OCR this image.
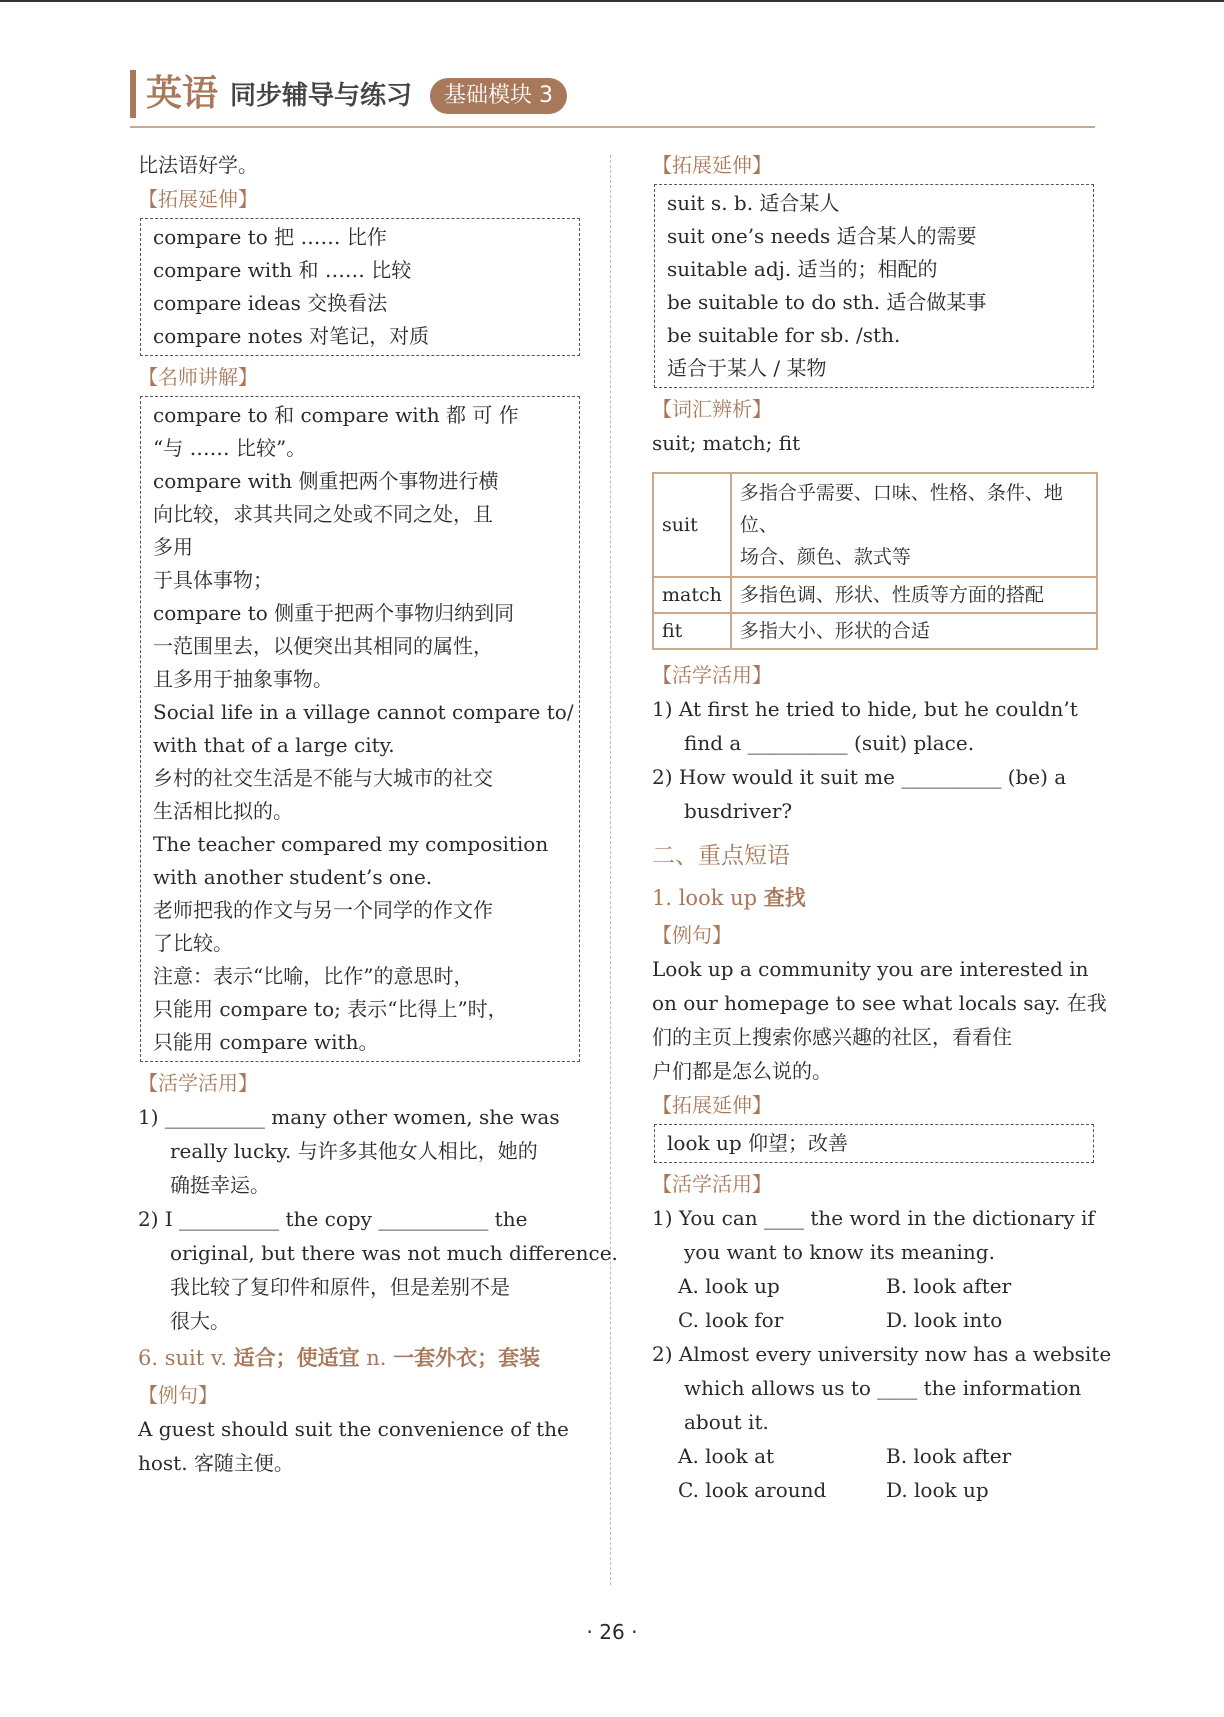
英语 同步辅导与练习	基础模块 3
比法语好学。
【拓展延伸】
compare to 把 …… 比作
compare with 和 …… 比较
compare ideas 交换看法
compare notes 对笔记，对质
【名师讲解】
compare to 和 compare with 都 可 作
“与 …… 比较”。
compare with 侧重把两个事物进行横
向比较，求其共同之处或不同之处，且
多用
于具体事物；
compare to 侧重于把两个事物归纳到同
一范围里去，以便突出其相同的属性，
且多用于抽象事物。
Social life in a village cannot compare to/
with that of a large city.
乡村的社交生活是不能与大城市的社交
生活相比拟的。
The teacher compared my composition
with another student’s one.
老师把我的作文与另一个同学的作文作
了比较。
注意：表示“比喻，比作”的意思时，
只能用 compare to; 表示“比得上”时，
只能用 compare with。
【活学活用】
1) __________ many other women, she was
really lucky. 与许多其他女人相比，她的
确挺幸运。
2) I __________ the copy ___________ the
original, but there was not much difference.
我比较了复印件和原件，但是差别不是
很大。
6. suit v. 适合；使适宜 n. 一套外衣；套装
【例句】
A guest should suit the convenience of the
host. 客随主便。
【拓展延伸】
suit s. b. 适合某人
suit one’s needs 适合某人的需要
suitable adj. 适当的；相配的
be suitable to do sth. 适合做某事
be suitable for sb. /sth.
适合于某人 / 某物
【词汇辨析】
suit; match; fit
suit	多指合乎需要、口味、性格、条件、地位、
场合、颜色、款式等

match	多指色调、形状、性质等方面的搭配
fit	多指大小、形状的合适
【活学活用】
1) At first he tried to hide, but he couldn’t
find a __________ (suit) place.
2) How would it suit me __________ (be) a
busdriver?
二、重点短语
1. look up 查找
【例句】
Look up a community you are interested in
on our homepage to see what locals say. 在我
们的主页上搜索你感兴趣的社区，看看住
户们都是怎么说的。
【拓展延伸】
look up 仰望；改善
【活学活用】
1) You can ____ the word in the dictionary if
you want to know its meaning.
A. look up	B. look after
C. look for	D. look into
2) Almost every university now has a website
which allows us to ____ the information
about it.
A. look at	B. look after
C. look around	D. look up
· 26 ·
